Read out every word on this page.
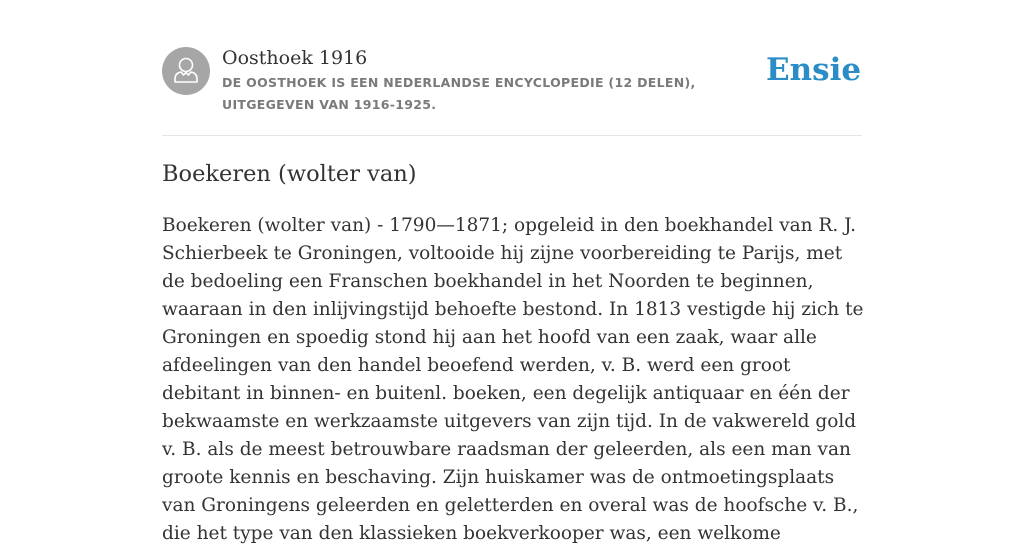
Oosthoek 1916
DE OOSTHOEK IS EEN NEDERLANDSE ENCYCLOPEDIE (12 DELEN), UITGEGEVEN VAN 1916-1925.
Ensie
Boekeren (wolter van)

Boekeren (wolter van) - 1790—1871; opgeleid in den boekhandel van R. J. Schierbeek te Groningen, voltooide hij zijne voorbereiding te Parijs, met de bedoeling een Franschen boekhandel in het Noorden te beginnen, waaraan in den inlijvingstijd behoefte bestond. In 1813 vestigde hij zich te Groningen en spoedig stond hij aan het hoofd van een zaak, waar alle afdeelingen van den handel beoefend werden, v. B. werd een groot debitant in binnen- en buitenl. boeken, een degelijk antiquaar en één der bekwaamste en werkzaamste uitgevers van zijn tijd. In de vakwereld gold v. B. als de meest betrouwbare raadsman der geleerden, als een man van groote kennis en beschaving. Zijn huiskamer was de ontmoetingsplaats van Groningens geleerden en geletterden en overal was de hoofsche v. B., die het type van den klassieken boekverkooper was, een welkome
